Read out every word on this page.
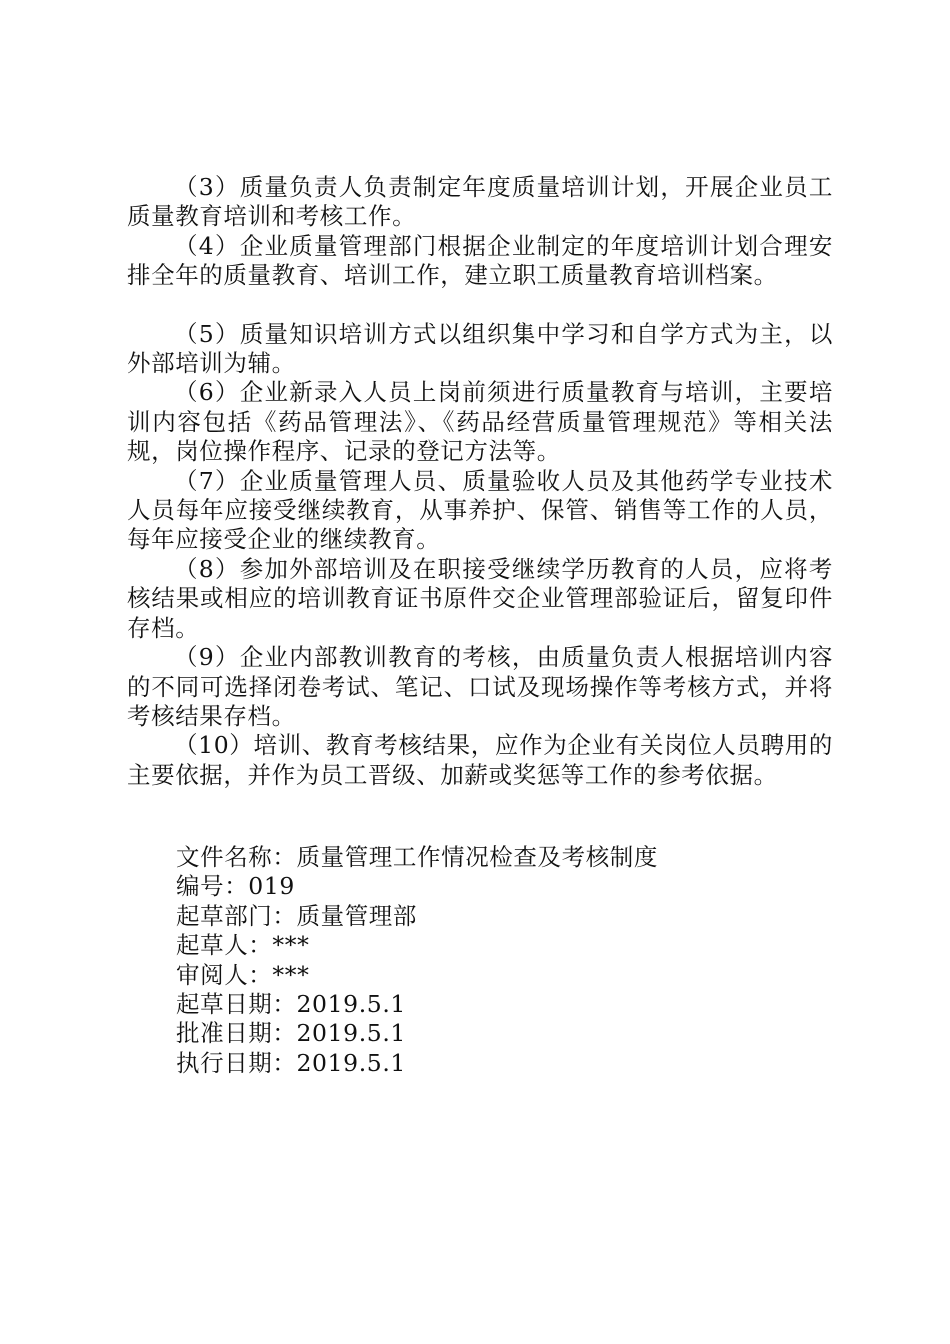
（3）质量负责人负责制定年度质量培训计划，开展企业员工质量教育培训和考核工作。

（4）企业质量管理部门根据企业制定的年度培训计划合理安排全年的质量教育、培训工作，建立职工质量教育培训档案。

（5）质量知识培训方式以组织集中学习和自学方式为主，以外部培训为辅。

（6）企业新录入人员上岗前须进行质量教育与培训，主要培训内容包括《药品管理法》、《药品经营质量管理规范》等相关法规，岗位操作程序、记录的登记方法等。

（7）企业质量管理人员、质量验收人员及其他药学专业技术人员每年应接受继续教育，从事养护、保管、销售等工作的人员，每年应接受企业的继续教育。

（8）参加外部培训及在职接受继续学历教育的人员，应将考核结果或相应的培训教育证书原件交企业管理部验证后，留复印件存档。

（9）企业内部教训教育的考核，由质量负责人根据培训内容的不同可选择闭卷考试、笔记、口试及现场操作等考核方式，并将考核结果存档。

（10）培训、教育考核结果，应作为企业有关岗位人员聘用的主要依据，并作为员工晋级、加薪或奖惩等工作的参考依据。

文件名称：质量管理工作情况检查及考核制度

编号：019

起草部门：质量管理部

起草人：***

审阅人：***

起草日期：2019.5.1

批准日期：2019.5.1

执行日期：2019.5.1
